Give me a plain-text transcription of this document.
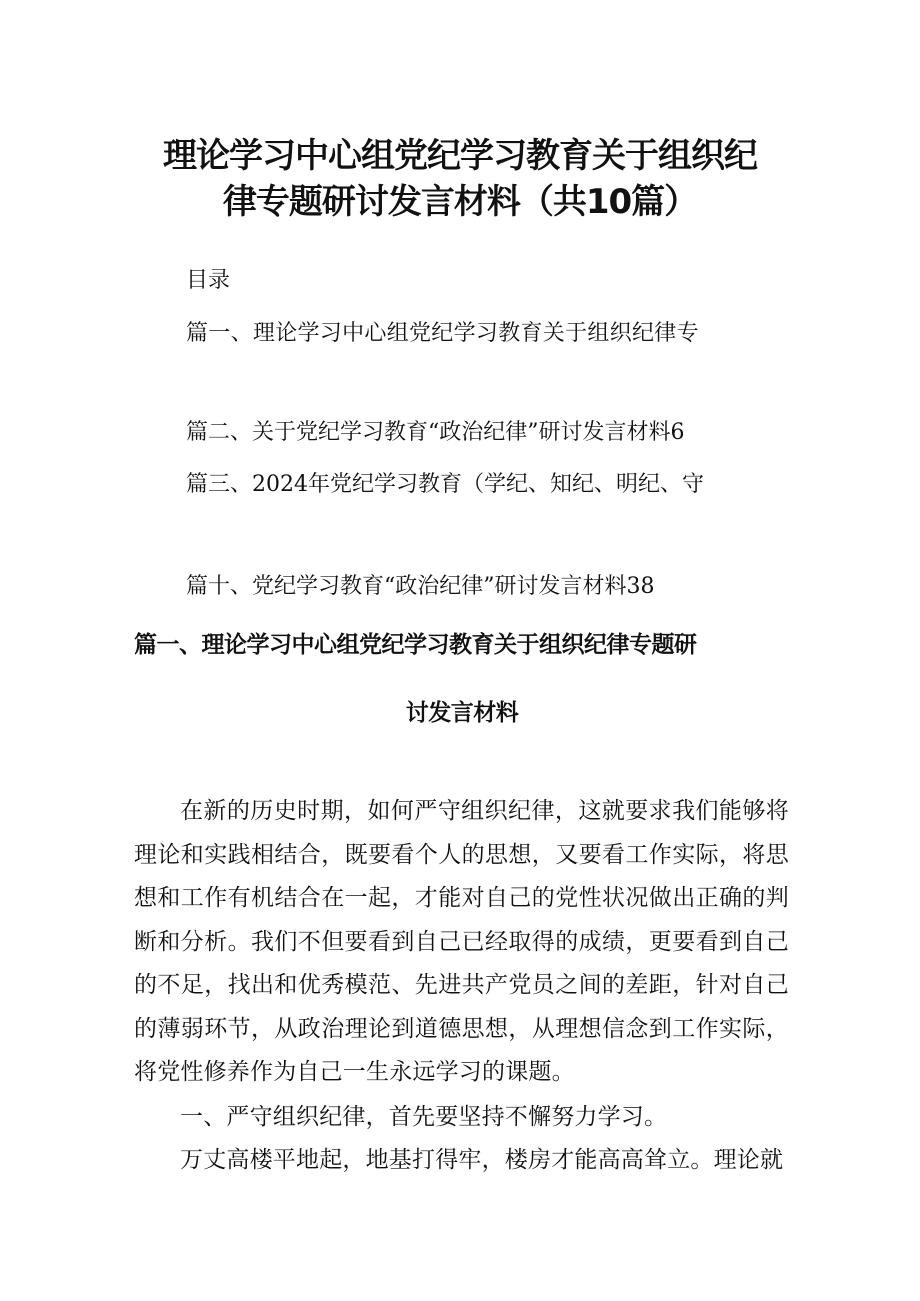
理论学习中心组党纪学习教育关于组织纪
律专题研讨发言材料（共10篇）
目录
篇一、理论学习中心组党纪学习教育关于组织纪律专
篇二、关于党纪学习教育“政治纪律”研讨发言材料6
篇三、2024年党纪学习教育（学纪、知纪、明纪、守
篇十、党纪学习教育“政治纪律”研讨发言材料38
篇一、理论学习中心组党纪学习教育关于组织纪律专题研
讨发言材料

在新的历史时期，如何严守组织纪律，这就要求我们能够将理论和实践相结合，既要看个人的思想，又要看工作实际，将思想和工作有机结合在一起，才能对自己的党性状况做出正确的判断和分析。我们不但要看到自己已经取得的成绩，更要看到自己的不足，找出和优秀模范、先进共产党员之间的差距，针对自己的薄弱环节，从政治理论到道德思想，从理想信念到工作实际，将党性修养作为自己一生永远学习的课题。

一、严守组织纪律，首先要坚持不懈努力学习。

万丈高楼平地起，地基打得牢，楼房才能高高耸立。理论就
